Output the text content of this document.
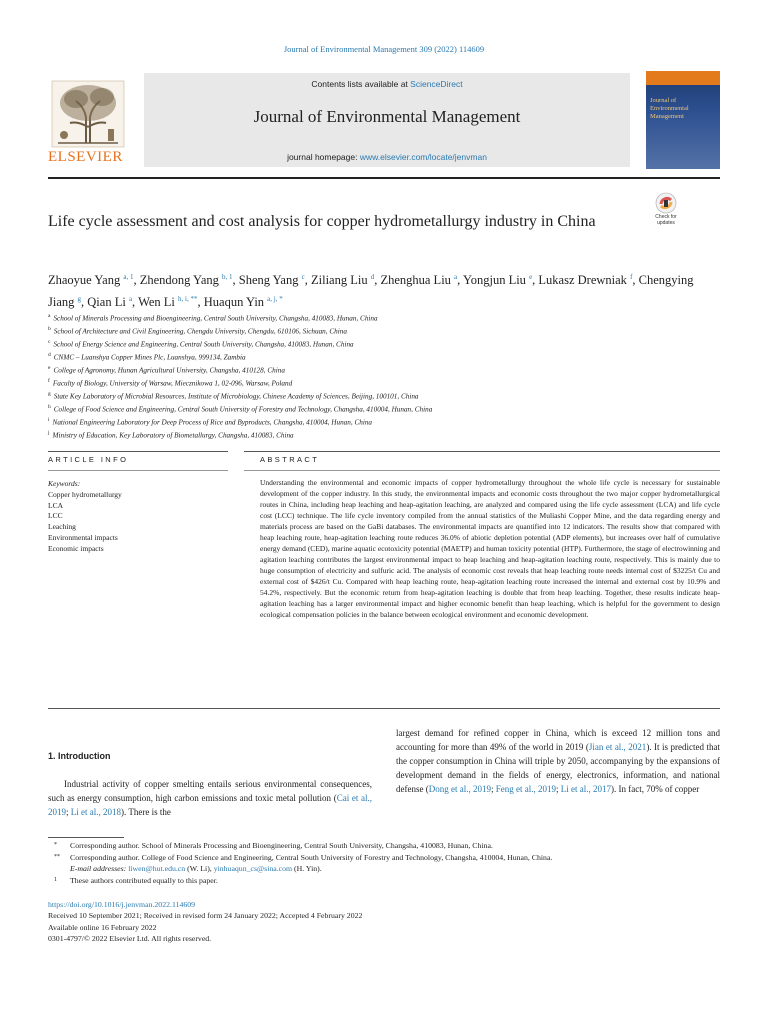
Journal of Environmental Management 309 (2022) 114609
ELSEVIER
Contents lists available at ScienceDirect
Journal of Environmental Management
journal homepage: www.elsevier.com/locate/jenvman
Journal of Environmental Management
Life cycle assessment and cost analysis for copper hydrometallurgy industry in China	Check for updates
Zhaoyue Yang $^{a, 1}$, Zhendong Yang $^{b, 1}$, Sheng Yang $^c$, Ziliang Liu $^d$, Zhenghua Liu $^a$, Yongjun Liu $^e$, Lukasz Drewniak $^f$, Chengying Jiang $^g$, Qian Li $^a$, Wen Li $^{h, i, **}$, Huaqun Yin $^{a, j, *}$
$^a$ School of Minerals Processing and Bioengineering, Central South University, Changsha, 410083, Hunan, China
$^b$ School of Architecture and Civil Engineering, Chengdu University, Chengdu, 610106, Sichuan, China
$^c$ School of Energy Science and Engineering, Central South University, Changsha, 410083, Hunan, China
$^d$ CNMC – Luanshya Copper Mines Plc, Luanshya, 999134, Zambia
$^e$ College of Agronomy, Hunan Agricultural University, Changsha, 410128, China
$^f$ Faculty of Biology, University of Warsaw, Miecznikowa 1, 02-096, Warsaw, Poland
$^g$ State Key Laboratory of Microbial Resources, Institute of Microbiology, Chinese Academy of Sciences, Beijing, 100101, China
$^h$ College of Food Science and Engineering, Central South University of Forestry and Technology, Changsha, 410004, Hunan, China
$^i$ National Engineering Laboratory for Deep Process of Rice and Byproducts, Changsha, 410004, Hunan, China
$^j$ Ministry of Education, Key Laboratory of Biometallurgy, Changsha, 410083, China
ARTICLE INFO	ABSTRACT
Keywords:
Copper hydrometallurgy
LCA
LCC
Leaching
Environmental impacts
Economic impacts
Understanding the environmental and economic impacts of copper hydrometallurgy throughout the whole life cycle is necessary for sustainable development of the copper industry. In this study, the environmental impacts and economic costs throughout the two major copper hydrometallurgical routes in China, including heap leaching and heap-agitation leaching, are analyzed and compared using the life cycle assessment (LCA) and life cycle cost (LCC) technique. The life cycle inventory compiled from the annual statistics of the Muliashi Copper Mine, and the data regarding energy and materials process are based on the GaBi databases. The environmental impacts are quantified into 12 indicators. The results show that compared with heap leaching route, heap-agitation leaching route reduces 36.0% of abiotic depletion potential (ADP elements), but increases over half of cumulative energy demand (CED), marine aquatic ecotoxicity potential (MAETP) and human toxicity potential (HTP). Furthermore, the stage of electrowinning and agitation leaching contributes the largest environmental impact to heap leaching and heap-agitation leaching route, respectively. This is mainly due to huge consumption of electricity and sulfuric acid. The analysis of economic cost reveals that heap leaching route needs internal cost of $3225/t Cu and external cost of $426/t Cu. Compared with heap leaching route, heap-agitation leaching route increased the internal and external cost by 10.9% and 54.2%, respectively. But the economic return from heap-agitation leaching is double that from heap leaching. Together, these results indicate heap-agitation leaching has a larger environmental impact and higher economic benefit than heap leaching, which is helpful for the government to design ecological compensation policies in the balance between ecological environment and economic development.
1. Introduction
Industrial activity of copper smelting entails serious environmental consequences, such as energy consumption, high carbon emissions and toxic metal pollution (Cai et al., 2019; Li et al., 2018). There is the
largest demand for refined copper in China, which is exceed 12 million tons and accounting for more than 49% of the world in 2019 (Jian et al., 2021). It is predicted that the copper consumption in China will triple by 2050, accompanying by the expansions of development demand in the fields of energy, electronics, information, and national defense (Dong et al., 2019; Feng et al., 2019; Li et al., 2017). In fact, 70% of copper
* Corresponding author. School of Minerals Processing and Bioengineering, Central South University, Changsha, 410083, Hunan, China.
** Corresponding author. College of Food Science and Engineering, Central South University of Forestry and Technology, Changsha, 410004, Hunan, China.
E-mail addresses: liwen@hut.edu.cn (W. Li), yinhuaqun_cs@sina.com (H. Yin).
1 These authors contributed equally to this paper.
https://doi.org/10.1016/j.jenvman.2022.114609
Received 10 September 2021; Received in revised form 24 January 2022; Accepted 4 February 2022
Available online 16 February 2022
0301-4797/© 2022 Elsevier Ltd. All rights reserved.
